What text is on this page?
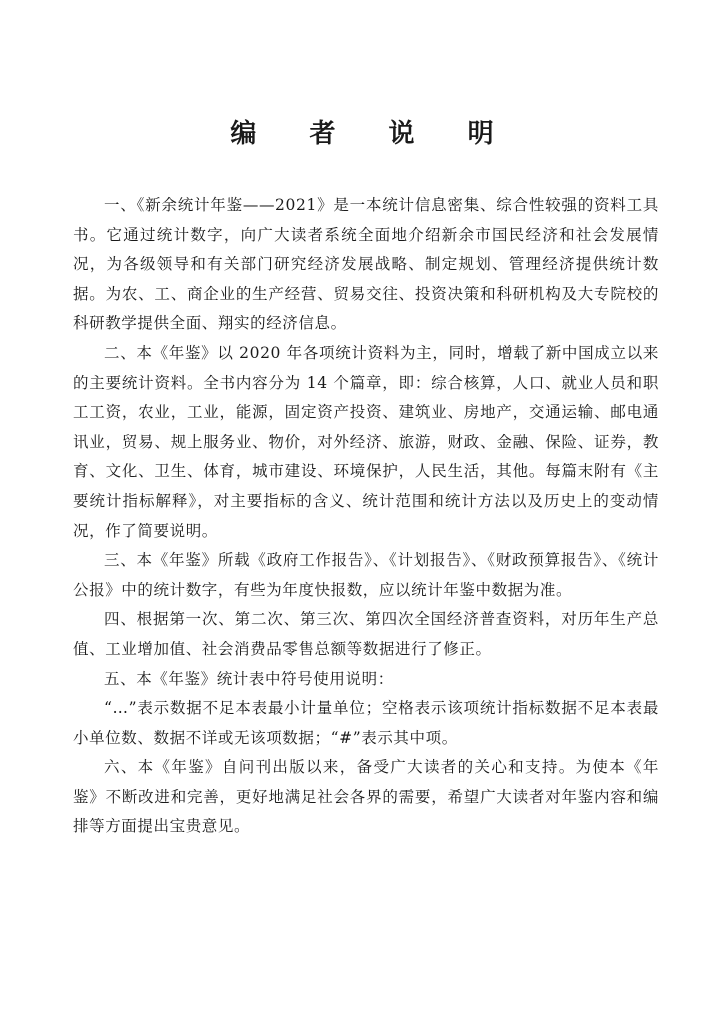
编 者 说 明

一、《新余统计年鉴——2021》是一本统计信息密集、综合性较强的资料工具书。它通过统计数字，向广大读者系统全面地介绍新余市国民经济和社会发展情况，为各级领导和有关部门研究经济发展战略、制定规划、管理经济提供统计数据。为农、工、商企业的生产经营、贸易交往、投资决策和科研机构及大专院校的科研教学提供全面、翔实的经济信息。

二、本《年鉴》以 2020 年各项统计资料为主，同时，增载了新中国成立以来的主要统计资料。全书内容分为 14 个篇章，即：综合核算，人口、就业人员和职工工资，农业，工业，能源，固定资产投资、建筑业、房地产，交通运输、邮电通讯业，贸易、规上服务业、物价，对外经济、旅游，财政、金融、保险、证券，教育、文化、卫生、体育，城市建设、环境保护，人民生活，其他。每篇末附有《主要统计指标解释》，对主要指标的含义、统计范围和统计方法以及历史上的变动情况，作了简要说明。

三、本《年鉴》所载《政府工作报告》、《计划报告》、《财政预算报告》、《统计公报》中的统计数字，有些为年度快报数，应以统计年鉴中数据为准。

四、根据第一次、第二次、第三次、第四次全国经济普查资料，对历年生产总值、工业增加值、社会消费品零售总额等数据进行了修正。

五、本《年鉴》统计表中符号使用说明：

“…”表示数据不足本表最小计量单位；空格表示该项统计指标数据不足本表最小单位数、数据不详或无该项数据；“#”表示其中项。

六、本《年鉴》自问刊出版以来，备受广大读者的关心和支持。为使本《年鉴》不断改进和完善，更好地满足社会各界的需要，希望广大读者对年鉴内容和编排等方面提出宝贵意见。
